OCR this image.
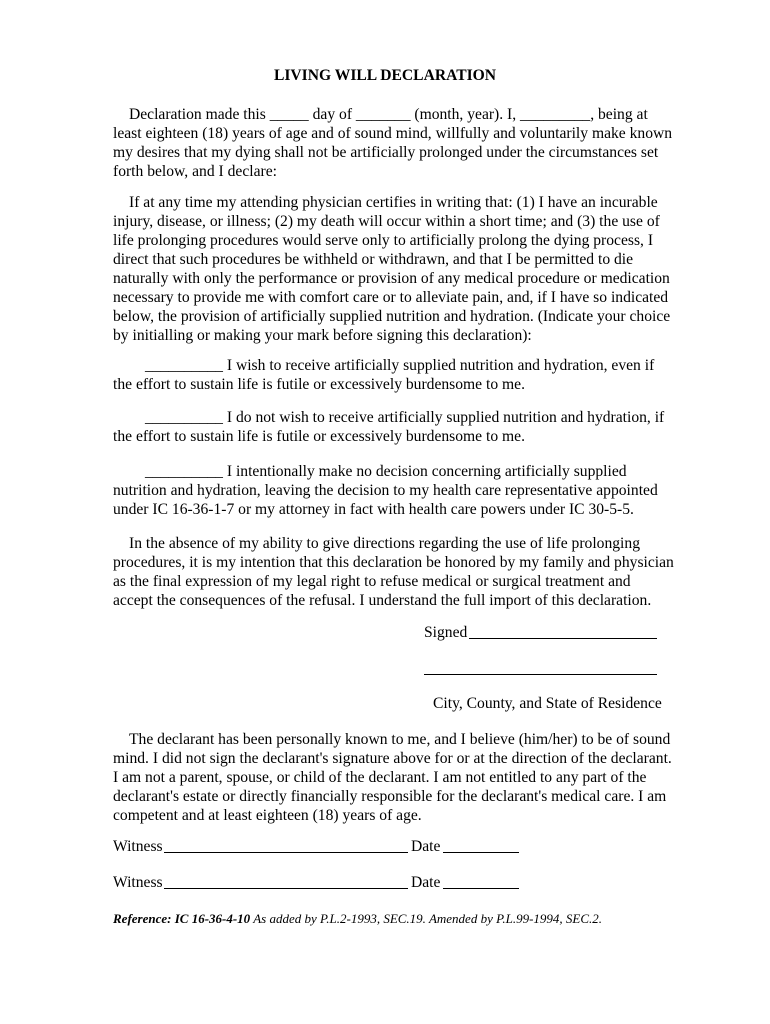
LIVING WILL DECLARATION
Declaration made this _____ day of _______ (month, year). I, _________, being at
least eighteen (18) years of age and of sound mind, willfully and voluntarily make known
my desires that my dying shall not be artificially prolonged under the circumstances set
forth below, and I declare:
If at any time my attending physician certifies in writing that: (1) I have an incurable
injury, disease, or illness; (2) my death will occur within a short time; and (3) the use of
life prolonging procedures would serve only to artificially prolong the dying process, I
direct that such procedures be withheld or withdrawn, and that I be permitted to die
naturally with only the performance or provision of any medical procedure or medication
necessary to provide me with comfort care or to alleviate pain, and, if I have so indicated
below, the provision of artificially supplied nutrition and hydration. (Indicate your choice
by initialling or making your mark before signing this declaration):
__________ I wish to receive artificially supplied nutrition and hydration, even if
the effort to sustain life is futile or excessively burdensome to me.
__________ I do not wish to receive artificially supplied nutrition and hydration, if
the effort to sustain life is futile or excessively burdensome to me.
__________ I intentionally make no decision concerning artificially supplied
nutrition and hydration, leaving the decision to my health care representative appointed
under IC 16-36-1-7 or my attorney in fact with health care powers under IC 30-5-5.
In the absence of my ability to give directions regarding the use of life prolonging
procedures, it is my intention that this declaration be honored by my family and physician
as the final expression of my legal right to refuse medical or surgical treatment and
accept the consequences of the refusal. I understand the full import of this declaration.
Signed
City, County, and State of Residence
The declarant has been personally known to me, and I believe (him/her) to be of sound
mind. I did not sign the declarant's signature above for or at the direction of the declarant.
I am not a parent, spouse, or child of the declarant. I am not entitled to any part of the
declarant's estate or directly financially responsible for the declarant's medical care. I am
competent and at least eighteen (18) years of age.
Witness	Date
Witness	Date
Reference: IC 16-36-4-10 As added by P.L.2-1993, SEC.19. Amended by P.L.99-1994, SEC.2.
